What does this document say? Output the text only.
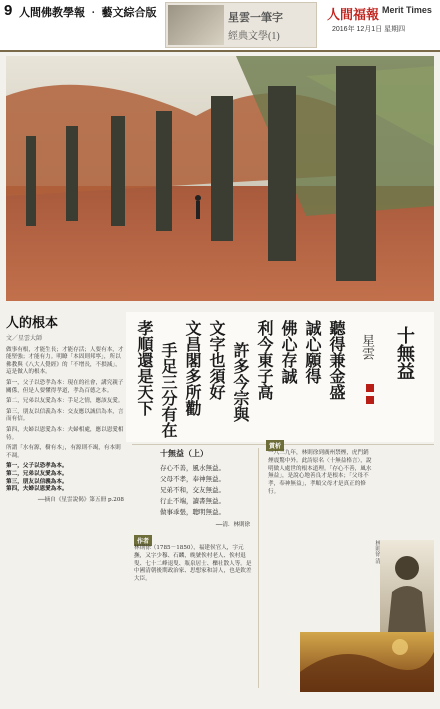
9 人間佛教學報 ‧ 藝文綜合版	星雲一筆字
經典文學(1)
人間福報 Merit Times
2016年 12月1日 星期四
人的根本
文／星雲大師

做事有根，才能生長；才能存活；人要有本，才能堅強；才能有力。明瞭「本固則邦寧」，所以佛教與《八大人覺經》的「不增長，不損減」，這是做人的根本。

第一，父子以恐孝為本：現在的社會，講究親子關係，但是人要懂得孝道，孝為百德之本。

第二，兄弟以友愛為本：手足之情，應該友愛。

第三，朋友以信義為本：交友應以誠信為本，言而有信。

第四，夫婦以恩愛為本：夫婦相處，應以恩愛相待。

所謂「水有源，樹有本」，有源則不竭，有本則不凋。

第一，父子以恐孝為本。
第二，兄弟以友愛為本。
第三，朋友以信義為本。
第四，夫婦以恩愛為本。
──摘自《星雲說偈》第五冊 p.208
孝順還是天下 手足三分有在 文昌閣多所勸 文字也須好 許多今宗與 利今東子高 佛心存誠 誠心願得 聽得兼金盛 星雲 十無益
十無益（上）
存心不善，風水無益。
父母不孝，奉神無益。
兄弟不和，交友無益。
行止不端，讀書無益。
做事乖張，聰明無益。
──清．林則徐
作者

林則徐（1785－1850），福建侯官人，字元撫，又字少穆、石麟，晚號俟村老人、俟村退叟、七十二峰退叟、瓶泉居士、櫟社散人等。是中國清朝後期政治家、思想家和詩人，也是欽差大臣。

賞析

一八三九年，林則徐到廣州禁煙，虎門銷煙震驚中外。此詩原名〈十無益格言〉，說明做人處世的根本道理。「存心不善，風水無益」，是說心地善良才是根本；「父母不孝，奉神無益」，孝順父母才是真正的修行。

林則徐 清
